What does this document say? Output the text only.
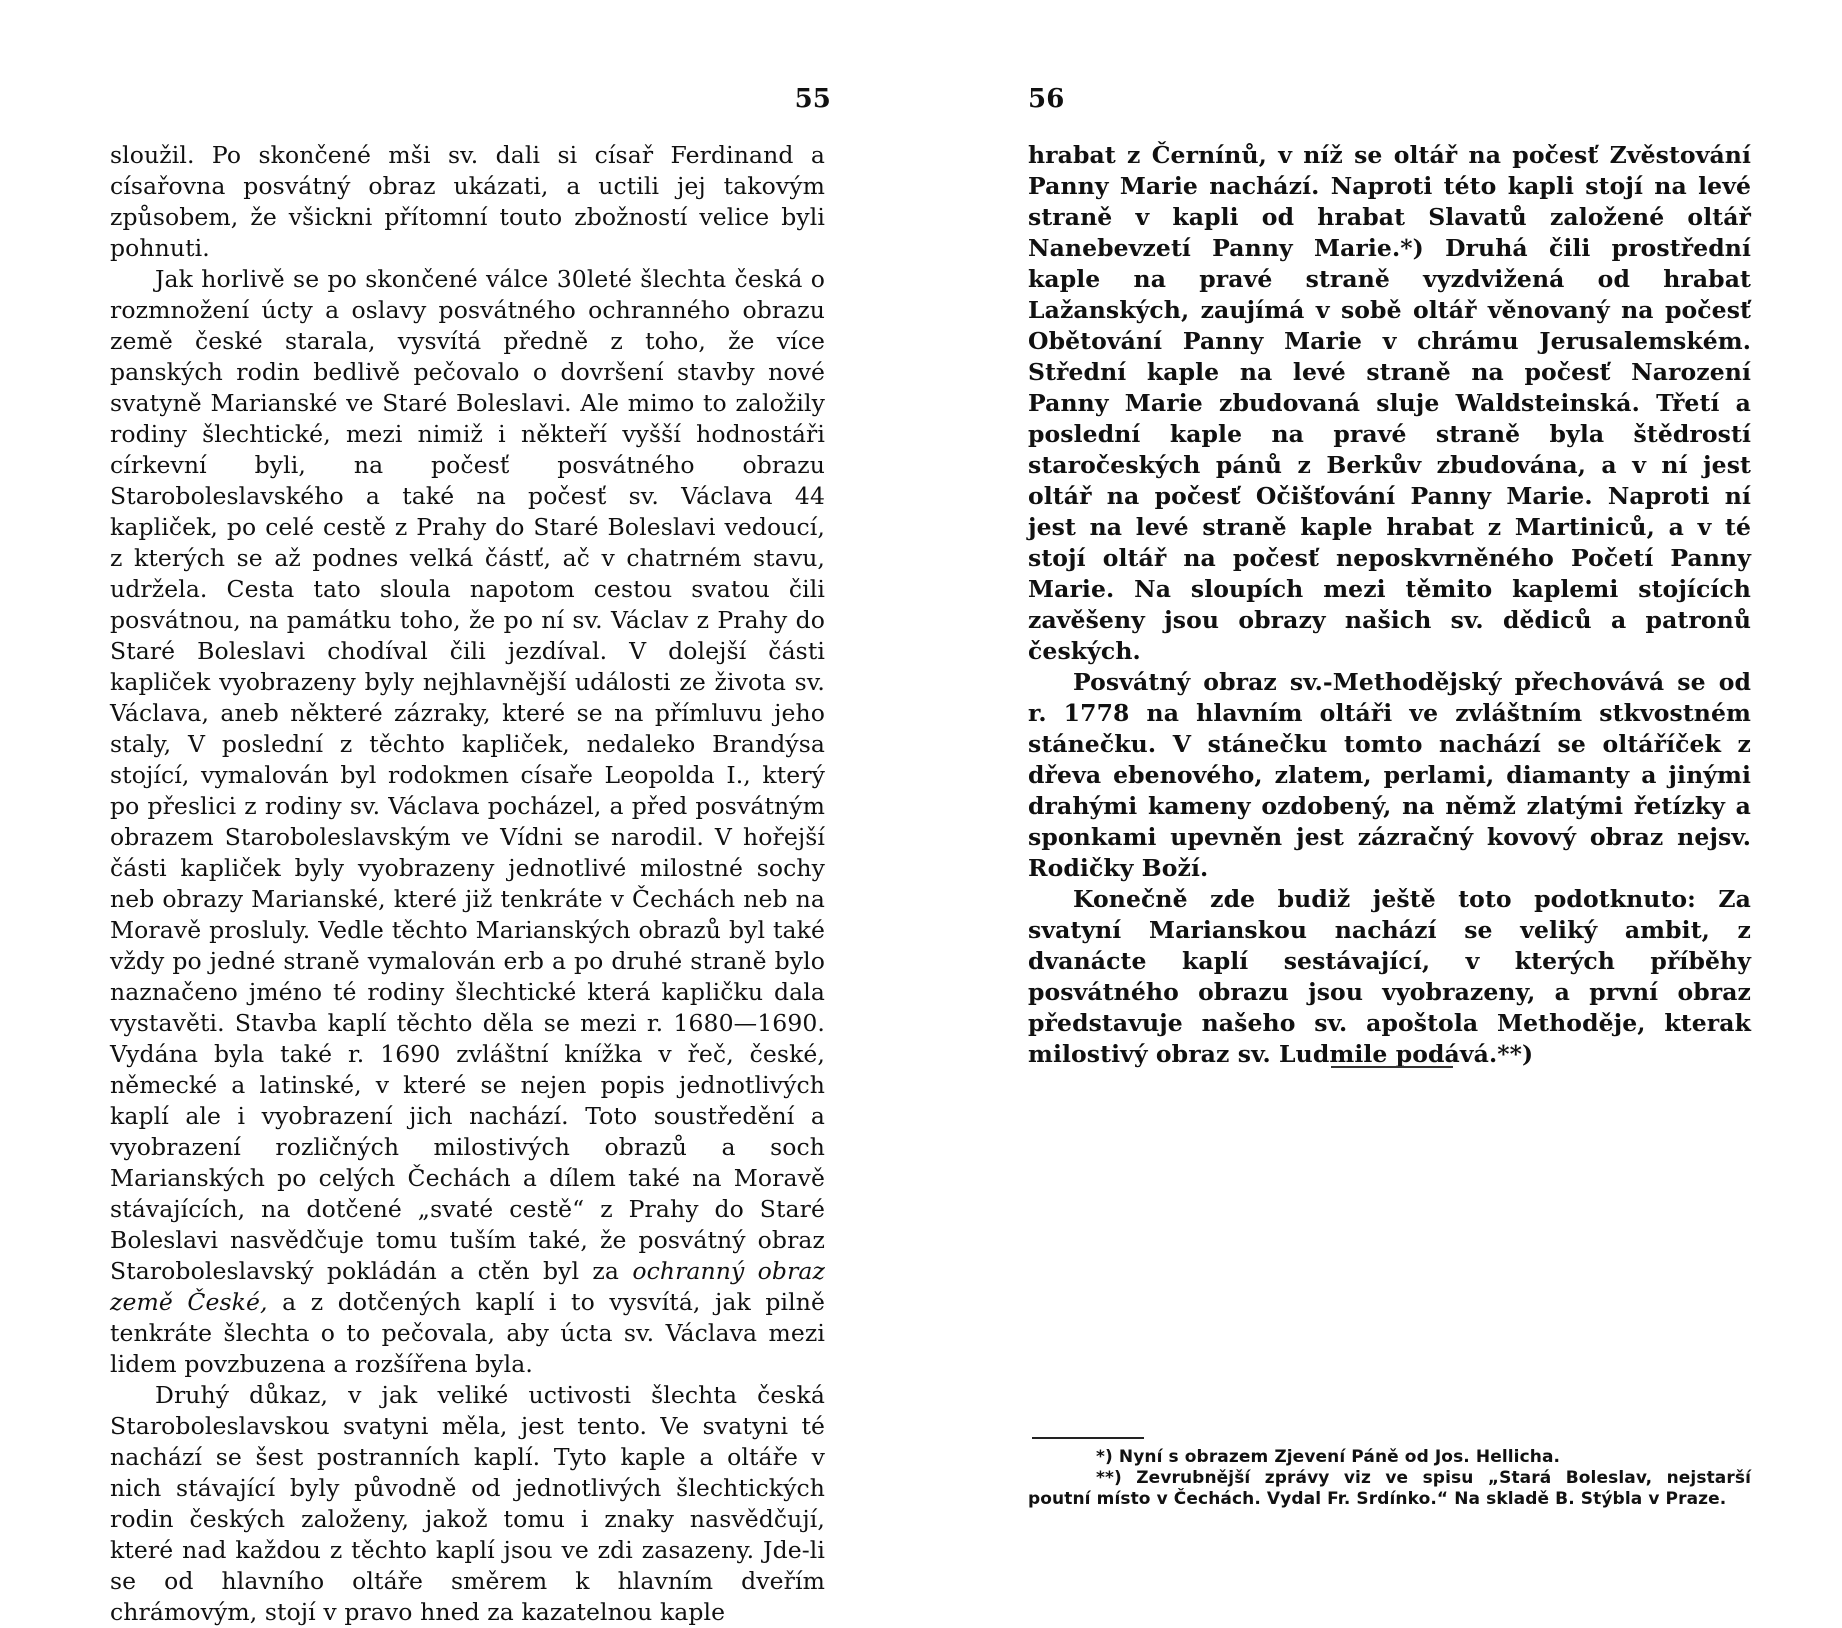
55

sloužil. Po skončené mši sv. dali si císař Ferdinand a císařovna posvátný obraz ukázati, a uctili jej takovým způsobem, že všickni přítomní touto zbožností velice byli pohnuti.

Jak horlivě se po skončené válce 30leté šlechta česká o rozmnožení úcty a oslavy posvátného ochranného obrazu země české starala, vysvítá předně z toho, že více panských rodin bedlivě pečovalo o dovršení stavby nové svatyně Marianské ve Staré Boleslavi. Ale mimo to založily rodiny šlechtické, mezi nimiž i někteří vyšší hodnostáři církevní byli, na počesť posvátného obrazu Staroboleslavského a také na počesť sv. Václava 44 kapliček, po celé cestě z Prahy do Staré Boleslavi vedoucí, z kterých se až podnes velká částť, ač v chatrném stavu, udržela. Cesta tato sloula napotom cestou svatou čili posvátnou, na památku toho, že po ní sv. Václav z Prahy do Staré Boleslavi chodíval čili jezdíval. V dolejší části kapliček vyobrazeny byly nejhlavnější události ze života sv. Václava, aneb některé zázraky, které se na přímluvu jeho staly, V poslední z těchto kapliček, nedaleko Brandýsa stojící, vymalován byl rodokmen císaře Leopolda I., který po přeslici z rodiny sv. Václava pocházel, a před posvátným obrazem Staroboleslavským ve Vídni se narodil. V hořejší části kapliček byly vyobrazeny jednotlivé milostné sochy neb obrazy Marianské, které již tenkráte v Čechách neb na Moravě prosluly. Vedle těchto Marianských obrazů byl také vždy po jedné straně vymalován erb a po druhé straně bylo naznačeno jméno té rodiny šlechtické která kapličku dala vystavěti. Stavba kaplí těchto děla se mezi r. 1680—1690. Vydána byla také r. 1690 zvláštní knížka v řeč, české, německé a latinské, v které se nejen popis jednotlivých kaplí ale i vyobrazení jich nachází. Toto soustředění a vyobrazení rozličných milostivých obrazů a soch Marianských po celých Čechách a dílem také na Moravě stávajících, na dotčené „svaté cestě“ z Prahy do Staré Boleslavi nasvědčuje tomu tuším také, že posvátný obraz Staroboleslavský pokládán a ctěn byl za ochranný obraz země České, a z dotčených kaplí i to vysvítá, jak pilně tenkráte šlechta o to pečovala, aby úcta sv. Václava mezi lidem povzbuzena a rozšířena byla.

Druhý důkaz, v jak veliké uctivosti šlechta česká Staroboleslavskou svatyni měla, jest tento. Ve svatyni té nachází se šest postranních kaplí. Tyto kaple a oltáře v nich stávající byly původně od jednotlivých šlechtických rodin českých založeny, jakož tomu i znaky nasvědčují, které nad každou z těchto kaplí jsou ve zdi zasazeny. Jde-li se od hlavního oltáře směrem k hlavním dveřím chrámovým, stojí v pravo hned za kazatelnou kaple

56

hrabat z Černínů, v níž se oltář na počesť Zvěstování Panny Marie nachází. Naproti této kapli stojí na levé straně v kapli od hrabat Slavatů založené oltář Nanebevzetí Panny Marie.*) Druhá čili prostřední kaple na pravé straně vyzdvižená od hrabat Lažanských, zaujímá v sobě oltář věnovaný na počesť Obětování Panny Marie v chrámu Jerusalemském. Střední kaple na levé straně na počesť Narození Panny Marie zbudovaná sluje Waldsteinská. Třetí a poslední kaple na pravé straně byla štědrostí staročeských pánů z Berkův zbudována, a v ní jest oltář na počesť Očišťování Panny Marie. Naproti ní jest na levé straně kaple hrabat z Martiniců, a v té stojí oltář na počesť neposkvrněného Početí Panny Marie. Na sloupích mezi těmito kaplemi stojících zavěšeny jsou obrazy našich sv. dědiců a patronů českých.

Posvátný obraz sv.-Methodějský přechovává se od r. 1778 na hlavním oltáři ve zvláštním stkvostném stánečku. V stánečku tomto nachází se oltáříček z dřeva ebenového, zlatem, perlami, diamanty a jinými drahými kameny ozdobený, na němž zlatými řetízky a sponkami upevněn jest zázračný kovový obraz nejsv. Rodičky Boží.

Konečně zde budiž ještě toto podotknuto: Za svatyní Marianskou nachází se veliký ambit, z dvanácte kaplí sestávající, v kterých příběhy posvátného obrazu jsou vyobrazeny, a první obraz představuje našeho sv. apoštola Methoděje, kterak milostivý obraz sv. Ludmile podává.**)

*) Nyní s obrazem Zjevení Páně od Jos. Hellicha.

**) Zevrubnější zprávy viz ve spisu „Stará Boleslav, nejstarší poutní místo v Čechách. Vydal Fr. Srdínko.“ Na skladě B. Stýbla v Praze.
